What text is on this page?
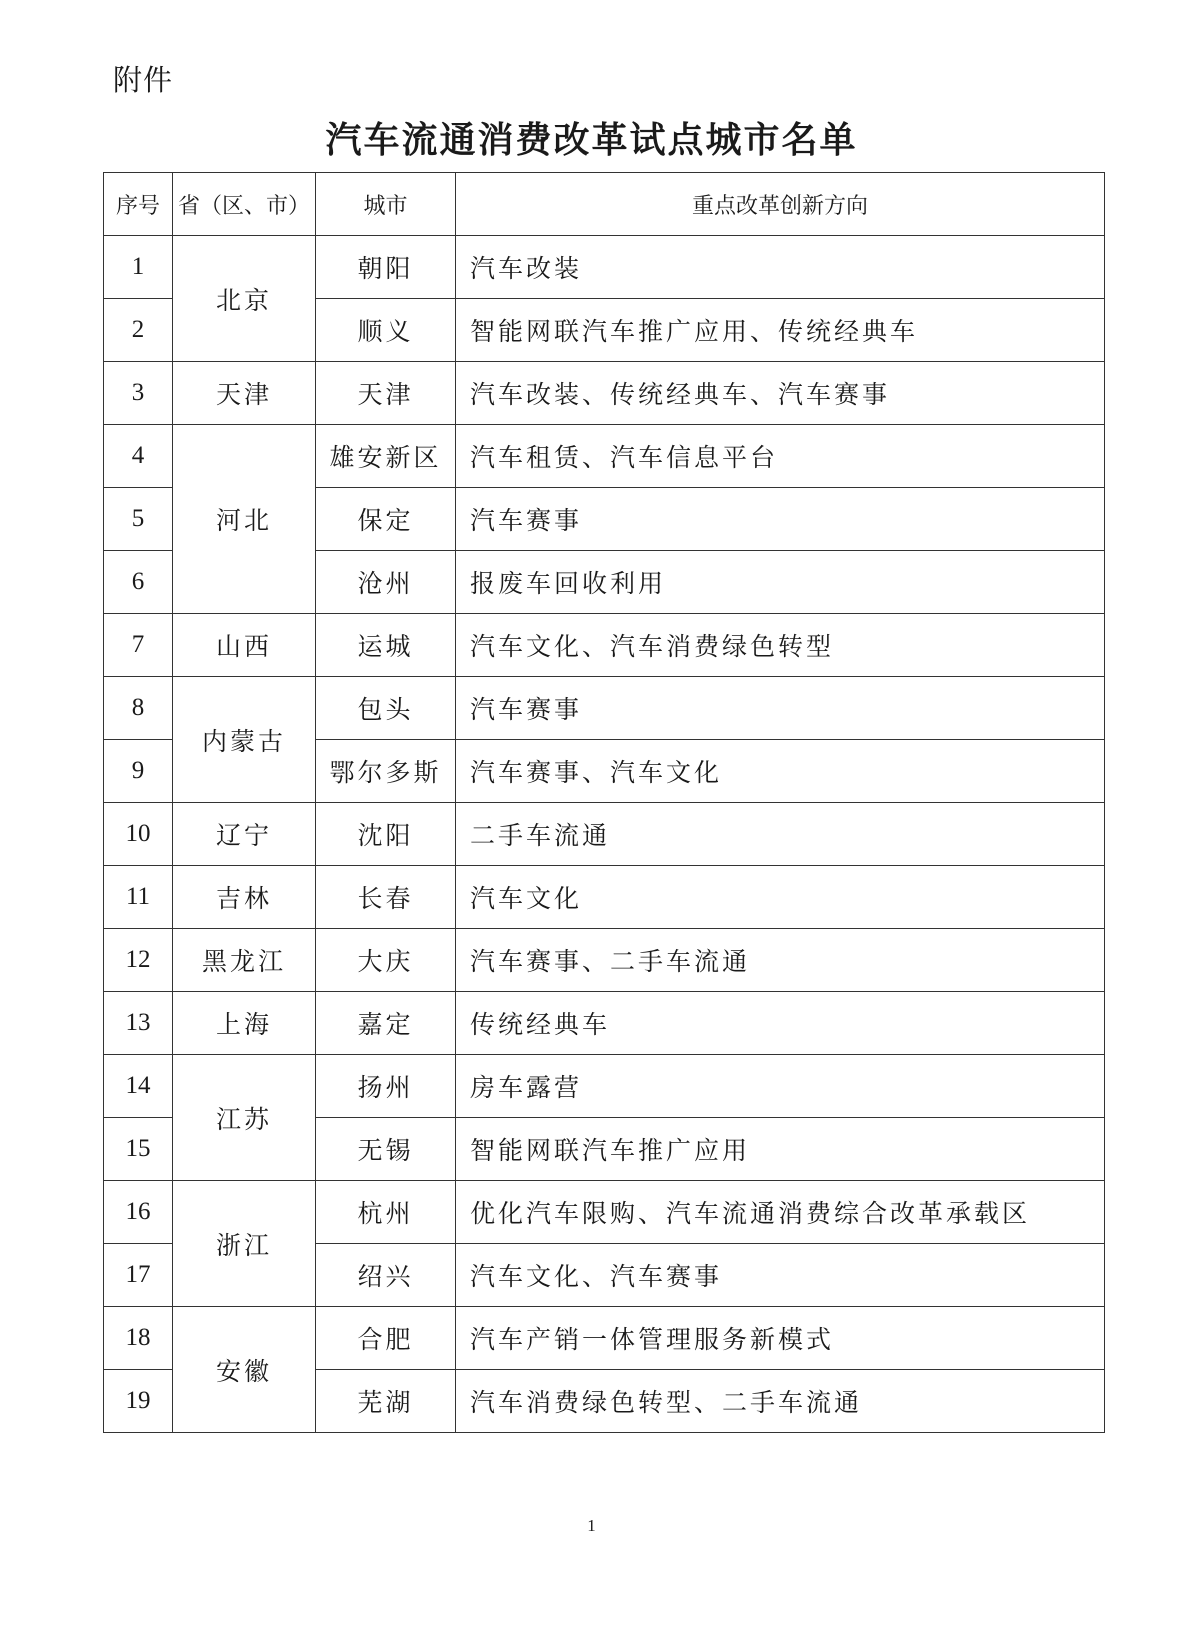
附件
汽车流通消费改革试点城市名单
序号	省（区、市）	城市	重点改革创新方向
1	北京	朝阳	汽车改装
2		顺义	智能网联汽车推广应用、传统经典车
3	天津	天津	汽车改装、传统经典车、汽车赛事
4	河北	雄安新区	汽车租赁、汽车信息平台
5		保定	汽车赛事
6		沧州	报废车回收利用
7	山西	运城	汽车文化、汽车消费绿色转型
8	内蒙古	包头	汽车赛事
9		鄂尔多斯	汽车赛事、汽车文化
10	辽宁	沈阳	二手车流通
11	吉林	长春	汽车文化
12	黑龙江	大庆	汽车赛事、二手车流通
13	上海	嘉定	传统经典车
14	江苏	扬州	房车露营
15		无锡	智能网联汽车推广应用
16	浙江	杭州	优化汽车限购、汽车流通消费综合改革承载区
17		绍兴	汽车文化、汽车赛事
18	安徽	合肥	汽车产销一体管理服务新模式
19		芜湖	汽车消费绿色转型、二手车流通
1
